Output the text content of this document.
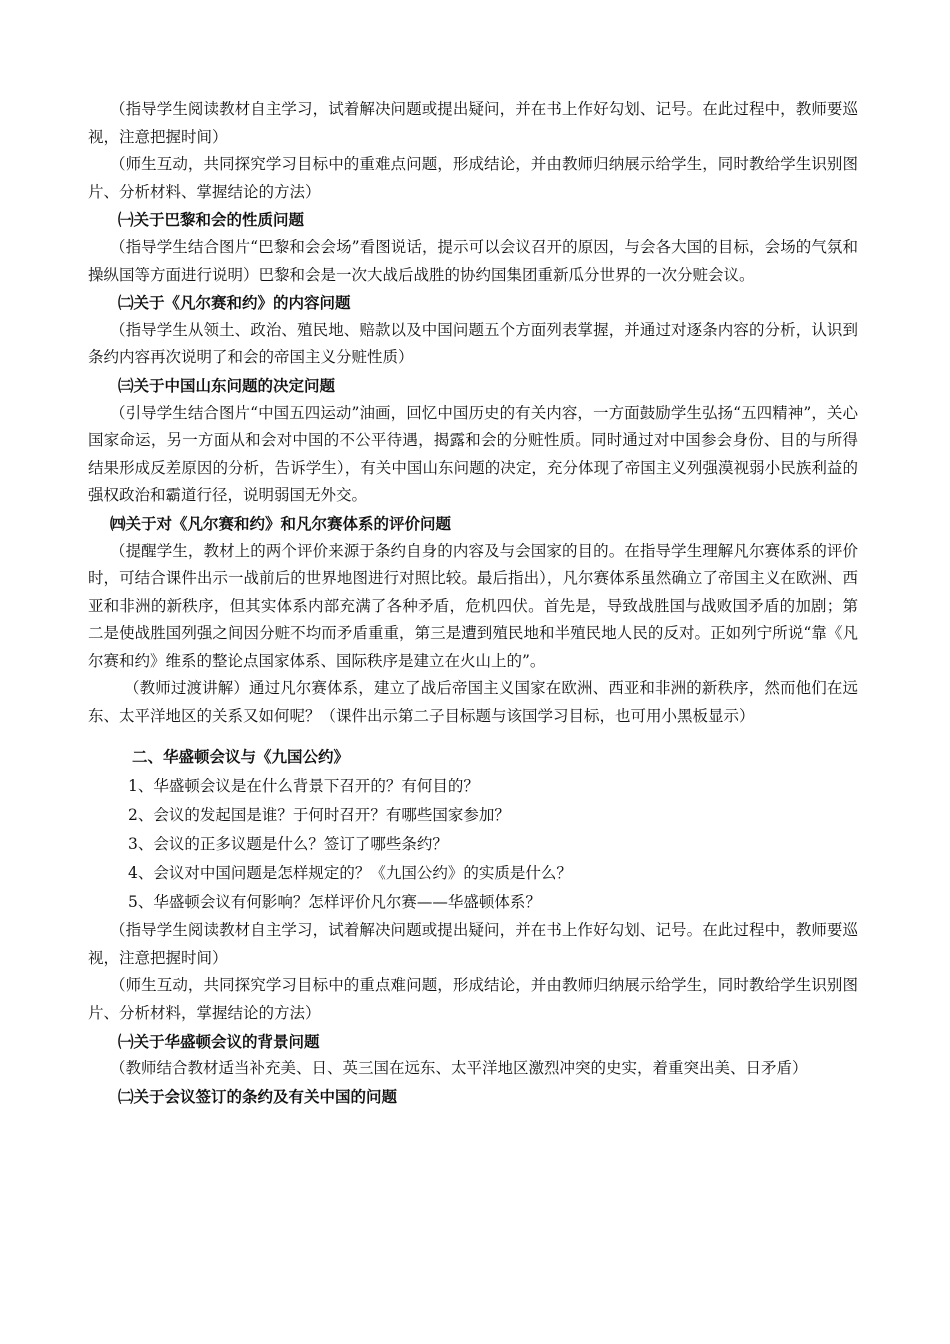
（指导学生阅读教材自主学习，试着解决问题或提出疑问，并在书上作好勾划、记号。在此过程中，教师要巡视，注意把握时间）

（师生互动，共同探究学习目标中的重难点问题，形成结论，并由教师归纳展示给学生，同时教给学生识别图片、分析材料、掌握结论的方法）

㈠关于巴黎和会的性质问题

（指导学生结合图片“巴黎和会会场”看图说话，提示可以会议召开的原因，与会各大国的目标，会场的气氛和操纵国等方面进行说明）巴黎和会是一次大战后战胜的协约国集团重新瓜分世界的一次分赃会议。

㈡关于《凡尔赛和约》的内容问题

（指导学生从领土、政治、殖民地、赔款以及中国问题五个方面列表掌握，并通过对逐条内容的分析，认识到条约内容再次说明了和会的帝国主义分赃性质）

㈢关于中国山东问题的决定问题

（引导学生结合图片“中国五四运动”油画，回忆中国历史的有关内容，一方面鼓励学生弘扬“五四精神”，关心国家命运，另一方面从和会对中国的不公平待遇，揭露和会的分赃性质。同时通过对中国参会身份、目的与所得结果形成反差原因的分析，告诉学生），有关中国山东问题的决定，充分体现了帝国主义列强漠视弱小民族利益的强权政治和霸道行径，说明弱国无外交。

㈣关于对《凡尔赛和约》和凡尔赛体系的评价问题

（提醒学生，教材上的两个评价来源于条约自身的内容及与会国家的目的。在指导学生理解凡尔赛体系的评价时，可结合课件出示一战前后的世界地图进行对照比较。最后指出），凡尔赛体系虽然确立了帝国主义在欧洲、西亚和非洲的新秩序，但其实体系内部充满了各种矛盾，危机四伏。首先是，导致战胜国与战败国矛盾的加剧；第二是使战胜国列强之间因分赃不均而矛盾重重，第三是遭到殖民地和半殖民地人民的反对。正如列宁所说“靠《凡尔赛和约》维系的整论点国家体系、国际秩序是建立在火山上的”。

（教师过渡讲解）通过凡尔赛体系，建立了战后帝国主义国家在欧洲、西亚和非洲的新秩序，然而他们在远东、太平洋地区的关系又如何呢？（课件出示第二子目标题与该国学习目标，也可用小黑板显示）

二、华盛顿会议与《九国公约》

1、华盛顿会议是在什么背景下召开的？有何目的？

2、会议的发起国是谁？于何时召开？有哪些国家参加？

3、会议的正多议题是什么？签订了哪些条约？

4、会议对中国问题是怎样规定的？《九国公约》的实质是什么？

5、华盛顿会议有何影响？怎样评价凡尔赛——华盛顿体系？

（指导学生阅读教材自主学习，试着解决问题或提出疑问，并在书上作好勾划、记号。在此过程中，教师要巡视，注意把握时间）

（师生互动，共同探究学习目标中的重点难问题，形成结论，并由教师归纳展示给学生，同时教给学生识别图片、分析材料，掌握结论的方法）

㈠关于华盛顿会议的背景问题

（教师结合教材适当补充美、日、英三国在远东、太平洋地区激烈冲突的史实，着重突出美、日矛盾）

㈡关于会议签订的条约及有关中国的问题
